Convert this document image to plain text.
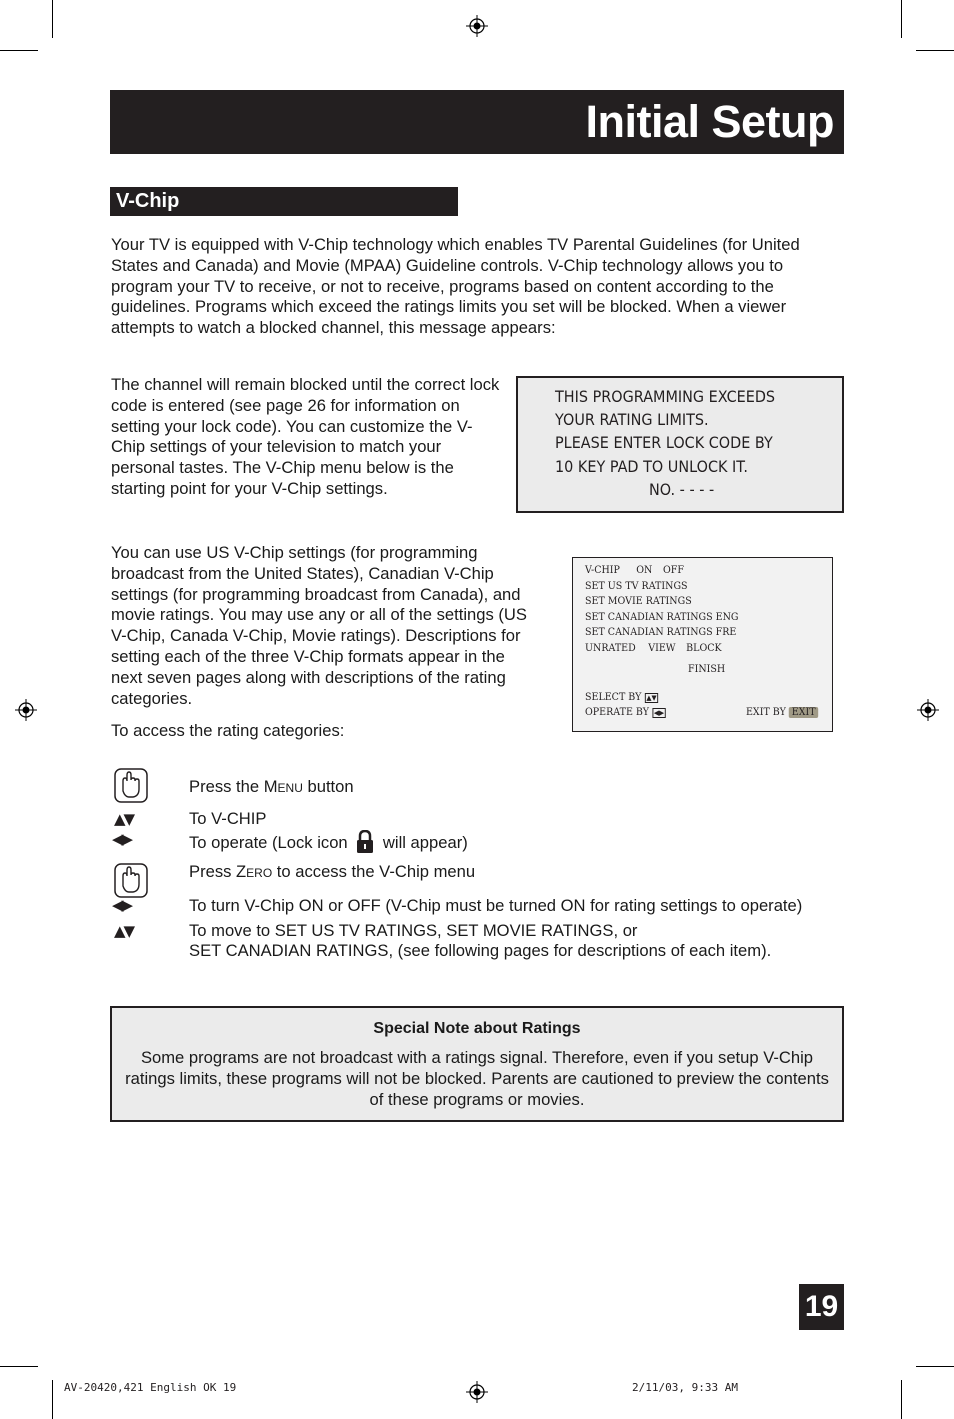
Initial Setup
V-Chip
Your TV is equipped with V-Chip technology which enables TV Parental Guidelines (for United States and Canada) and Movie (MPAA) Guideline controls. V-Chip technology allows you to program your TV to receive, or not to receive, programs based on content according to the guidelines. Programs which exceed the ratings limits you set will be blocked. When a viewer attempts to watch a blocked channel, this message appears:
The channel will remain blocked until the correct lock code is entered (see page 26 for information on setting your lock code). You can customize the V-Chip settings of your television to match your personal tastes. The V-Chip menu below is the starting point for your V-Chip settings.
THIS PROGRAMMING EXCEEDS
YOUR RATING LIMITS.
PLEASE ENTER LOCK CODE BY
10 KEY PAD TO UNLOCK IT.
NO. - - - -
You can use US V-Chip settings (for programming broadcast from the United States), Canadian V-Chip settings (for programming broadcast from Canada), and movie ratings. You may use any or all of the settings (US V-Chip, Canada V-Chip, Movie ratings). Descriptions for setting each of the three V-Chip formats appear in the next seven pages along with descriptions of the rating categories.
To access the rating categories:
V-CHIP ON OFF
SET US TV RATINGS
SET MOVIE RATINGS
SET CANADIAN RATINGS ENG
SET CANADIAN RATINGS FRE
UNRATED VIEW BLOCK
FINISH
SELECT BY ▲▼
OPERATE BY ◀▶	EXIT BY EXIT
Press the MENU button
▲▼	To V-CHIP
◀▶	To operate (Lock icon will appear)
Press ZERO to access the V-Chip menu
◀▶	To turn V-Chip ON or OFF (V-Chip must be turned ON for rating settings to operate)
▲▼	To move to SET US TV RATINGS, SET MOVIE RATINGS, or
SET CANADIAN RATINGS, (see following pages for descriptions of each item).
Special Note about Ratings
Some programs are not broadcast with a ratings signal. Therefore, even if you setup V-Chip ratings limits, these programs will not be blocked. Parents are cautioned to preview the contents of these programs or movies.
19
AV-20420,421 English OK 19	2/11/03, 9:33 AM
